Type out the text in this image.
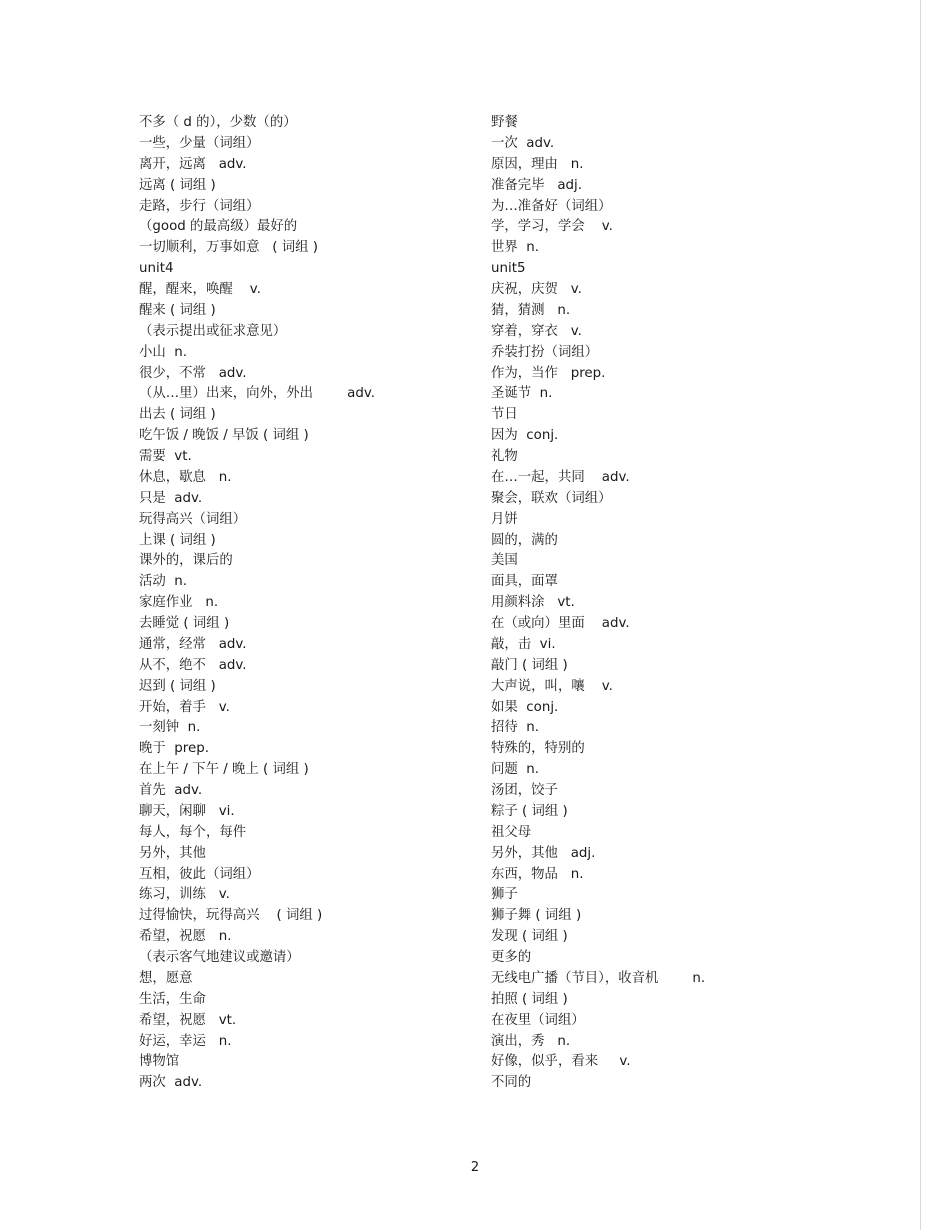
不多（ d 的），少数（的）
一些，少量（词组）
离开，远离   adv.
远离 ( 词组 )
走路，步行（词组）
（good 的最高级）最好的
一切顺利，万事如意   ( 词组 )
unit4
醒，醒来，唤醒    v.
醒来 ( 词组 )
（表示提出或征求意见）
小山  n.
很少，不常   adv.
（从…里）出来，向外，外出        adv.
出去 ( 词组 )
吃午饭 / 晚饭 / 早饭 ( 词组 )
需要  vt.
休息，歇息   n.
只是  adv.
玩得高兴（词组）
上课 ( 词组 )
课外的，课后的
活动  n.
家庭作业   n.
去睡觉 ( 词组 )
通常，经常   adv.
从不，绝不   adv.
迟到 ( 词组 )
开始，着手   v.
一刻钟  n.
晚于  prep.
在上午 / 下午 / 晚上 ( 词组 )
首先  adv.
聊天，闲聊   vi.
每人，每个，每件
另外，其他
互相，彼此（词组）
练习，训练   v.
过得愉快，玩得高兴    ( 词组 )
希望，祝愿   n.
（表示客气地建议或邀请）
想，愿意
生活，生命
希望，祝愿   vt.
好运，幸运   n.
博物馆
两次  adv.
野餐
一次  adv.
原因，理由   n.
准备完毕   adj.
为…准备好（词组）
学，学习，学会    v.
世界  n.
unit5
庆祝，庆贺   v.
猜，猜测   n.
穿着，穿衣   v.
乔装打扮（词组）
作为，当作   prep.
圣诞节  n.
节日
因为  conj.
礼物
在…一起，共同    adv.
聚会，联欢（词组）
月饼
圆的，满的
美国
面具，面罩
用颜料涂   vt.
在（或向）里面    adv.
敲，击  vi.
敲门 ( 词组 )
大声说，叫，嚷    v.
如果  conj.
招待  n.
特殊的，特别的
问题  n.
汤团，饺子
粽子 ( 词组 )
祖父母
另外，其他   adj.
东西，物品   n.
狮子
狮子舞 ( 词组 )
发现 ( 词组 )
更多的
无线电广播（节目），收音机        n.
拍照 ( 词组 )
在夜里（词组）
演出，秀   n.
好像，似乎，看来     v.
不同的
2
